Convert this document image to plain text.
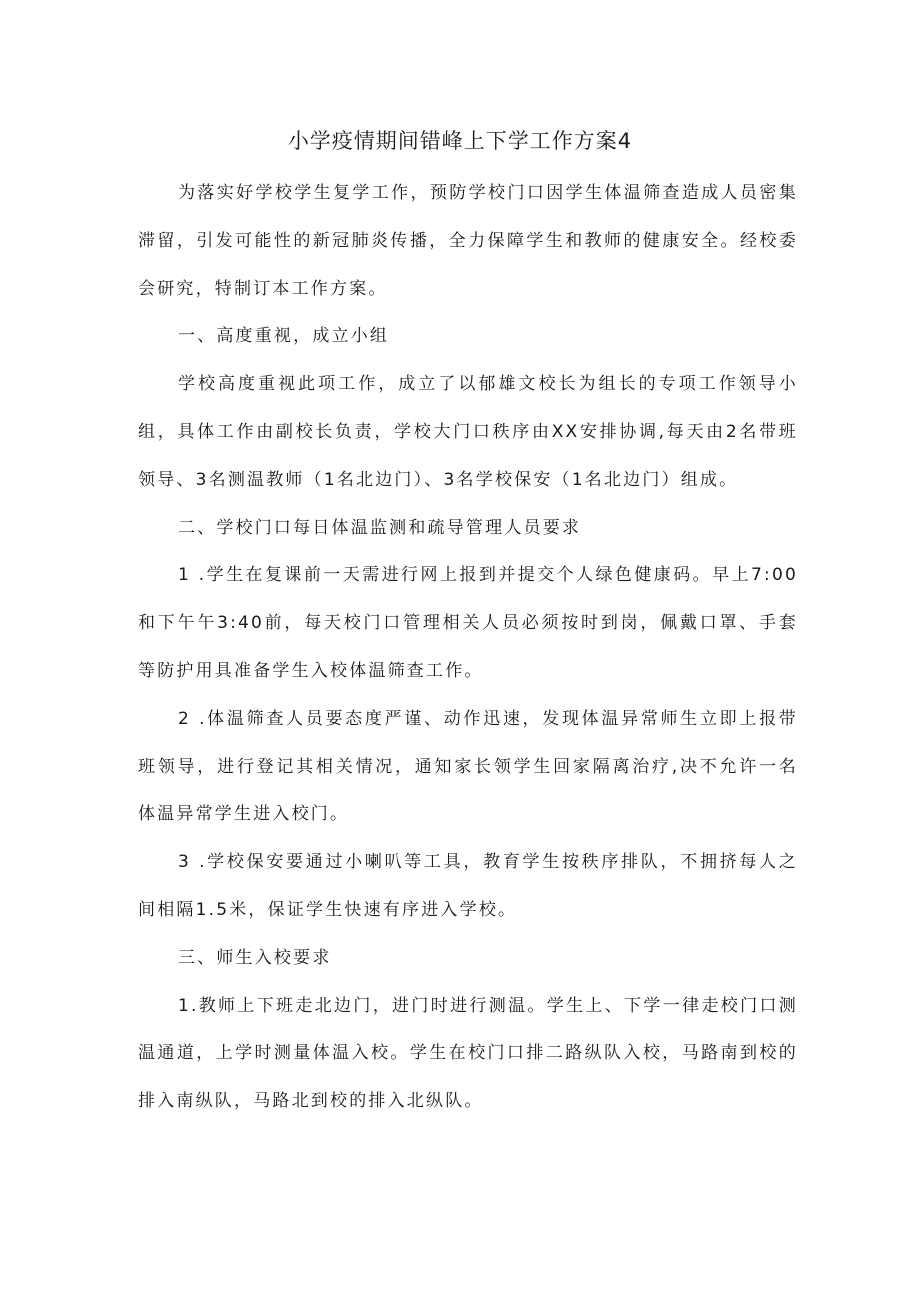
小学疫情期间错峰上下学工作方案4

为落实好学校学生复学工作，预防学校门口因学生体温筛查造成人员密集滞留，引发可能性的新冠肺炎传播，全力保障学生和教师的健康安全。经校委会研究，特制订本工作方案。

一、高度重视，成立小组

学校高度重视此项工作，成立了以郁雄文校长为组长的专项工作领导小组，具体工作由副校长负责，学校大门口秩序由XX安排协调,每天由2名带班领导、3名测温教师（1名北边门）、3名学校保安（1名北边门）组成。

二、学校门口每日体温监测和疏导管理人员要求

1 .学生在复课前一天需进行网上报到并提交个人绿色健康码。早上7:00和下午午3:40前，每天校门口管理相关人员必须按时到岗，佩戴口罩、手套等防护用具准备学生入校体温筛查工作。

2 .体温筛查人员要态度严谨、动作迅速，发现体温异常师生立即上报带班领导，进行登记其相关情况，通知家长领学生回家隔离治疗,决不允许一名体温异常学生进入校门。

3 .学校保安要通过小喇叭等工具，教育学生按秩序排队，不拥挤每人之间相隔1.5米，保证学生快速有序进入学校。

三、师生入校要求

1.教师上下班走北边门，进门时进行测温。学生上、下学一律走校门口测温通道，上学时测量体温入校。学生在校门口排二路纵队入校，马路南到校的排入南纵队，马路北到校的排入北纵队。
